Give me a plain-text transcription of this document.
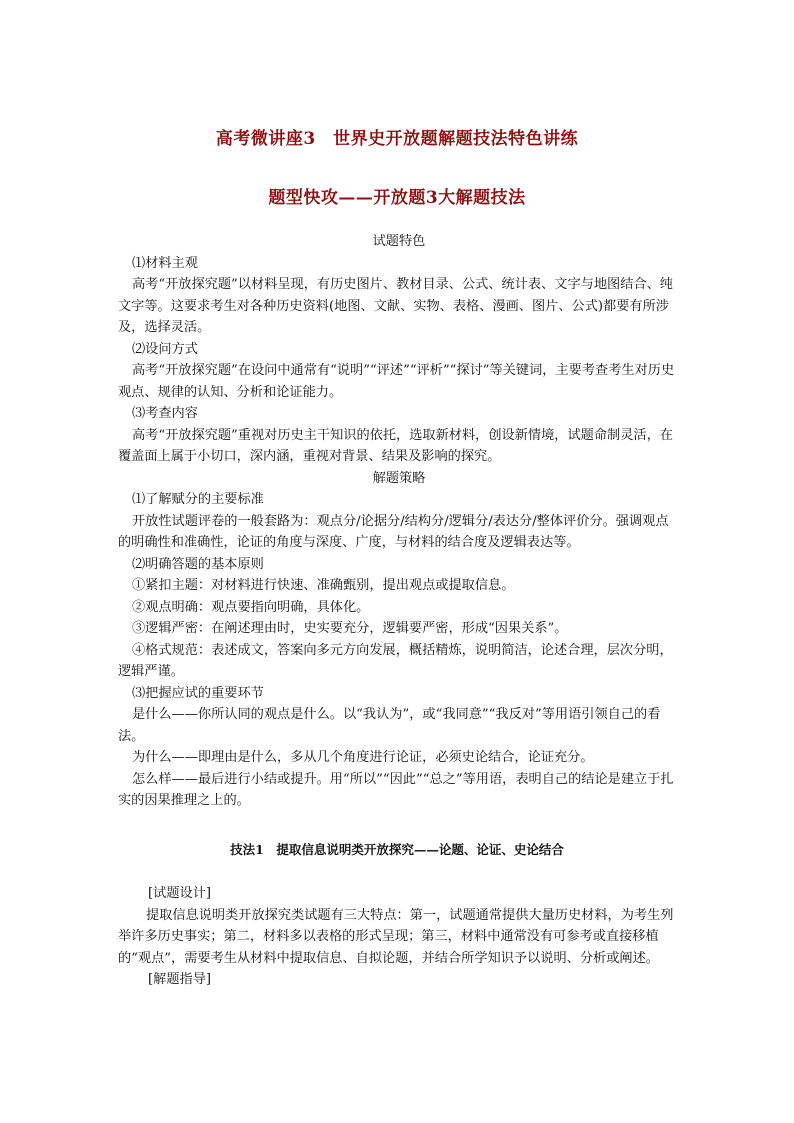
高考微讲座3　世界史开放题解题技法特色讲练
题型快攻——开放题3大解题技法

试题特色

⑴材料主观

高考“开放探究题”以材料呈现，有历史图片、教材目录、公式、统计表、文字与地图结合、纯文字等。这要求考生对各种历史资料(地图、文献、实物、表格、漫画、图片、公式)都要有所涉及，选择灵活。

⑵设问方式

高考“开放探究题”在设问中通常有“说明”“评述”“评析”“探讨”等关键词，主要考查考生对历史观点、规律的认知、分析和论证能力。

⑶考查内容

高考“开放探究题”重视对历史主干知识的依托，选取新材料，创设新情境，试题命制灵活，在覆盖面上属于小切口，深内涵，重视对背景、结果及影响的探究。

解题策略

⑴了解赋分的主要标准

开放性试题评卷的一般套路为：观点分/论据分/结构分/逻辑分/表达分/整体评价分。强调观点的明确性和准确性，论证的角度与深度、广度，与材料的结合度及逻辑表达等。

⑵明确答题的基本原则

①紧扣主题：对材料进行快速、准确甄别，提出观点或提取信息。

②观点明确：观点要指向明确，具体化。

③逻辑严密：在阐述理由时，史实要充分，逻辑要严密，形成“因果关系”。

④格式规范：表述成文，答案向多元方向发展，概括精炼，说明简洁，论述合理，层次分明，逻辑严谨。

⑶把握应试的重要环节

是什么——你所认同的观点是什么。以“我认为”，或“我同意”“我反对”等用语引领自己的看法。

为什么——即理由是什么，多从几个角度进行论证，必须史论结合，论证充分。

怎么样——最后进行小结或提升。用“所以”“因此”“总之”等用语，表明自己的结论是建立于扎实的因果推理之上的。

技法1　提取信息说明类开放探究——论题、论证、史论结合

[试题设计]

提取信息说明类开放探究类试题有三大特点：第一，试题通常提供大量历史材料，为考生列举许多历史事实；第二，材料多以表格的形式呈现；第三，材料中通常没有可参考或直接移植的“观点”，需要考生从材料中提取信息、自拟论题，并结合所学知识予以说明、分析或阐述。

[解题指导]
